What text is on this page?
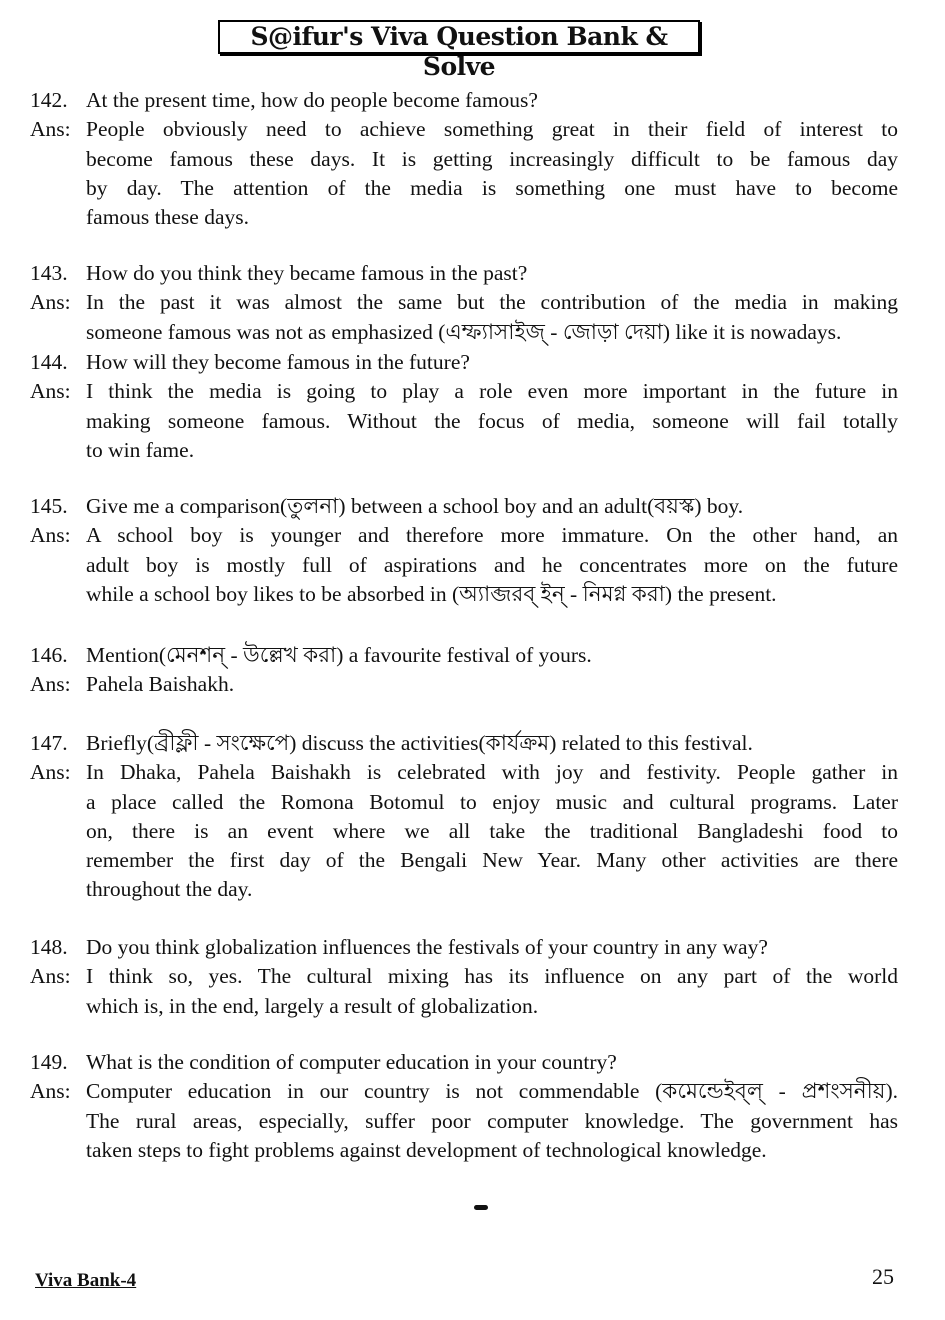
S@ifur's Viva Question Bank & Solve
142. At the present time, how do people become famous?
Ans: People obviously need to achieve something great in their field of interest to
become famous these days. It is getting increasingly difficult to be famous day
by day. The attention of the media is something one must have to become
famous these days.
143. How do you think they became famous in the past?
Ans: In the past it was almost the same but the contribution of the media in making
someone famous was not as emphasized (এম্ফ্যাসাইজ্ - জোড়া দেয়া) like it is nowadays.
144. How will they become famous in the future?
Ans: I think the media is going to play a role even more important in the future in
making someone famous. Without the focus of media, someone will fail totally
to win fame.
145. Give me a comparison(তুলনা) between a school boy and an adult(বয়স্ক) boy.
Ans: A school boy is younger and therefore more immature. On the other hand, an
adult boy is mostly full of aspirations and he concentrates more on the future
while a school boy likes to be absorbed in (অ্যাব্জরব্ ইন্ - নিমগ্ন করা) the present.
146. Mention(মেনশন্ - উল্লেখ করা) a favourite festival of yours.
Ans: Pahela Baishakh.
147. Briefly(ব্রীফ্লী - সংক্ষেপে) discuss the activities(কার্যক্রম) related to this festival.
Ans: In Dhaka, Pahela Baishakh is celebrated with joy and festivity. People gather in
a place called the Romona Botomul to enjoy music and cultural programs. Later
on, there is an event where we all take the traditional Bangladeshi food to
remember the first day of the Bengali New Year. Many other activities are there
throughout the day.
148. Do you think globalization influences the festivals of your country in any way?
Ans: I think so, yes. The cultural mixing has its influence on any part of the world
which is, in the end, largely a result of globalization.
149. What is the condition of computer education in your country?
Ans: Computer education in our country is not commendable (কমেন্ডেইব্ল্ - প্রশংসনীয়).
The rural areas, especially, suffer poor computer knowledge. The government has
taken steps to fight problems against development of technological knowledge.
Viva Bank-4	25
